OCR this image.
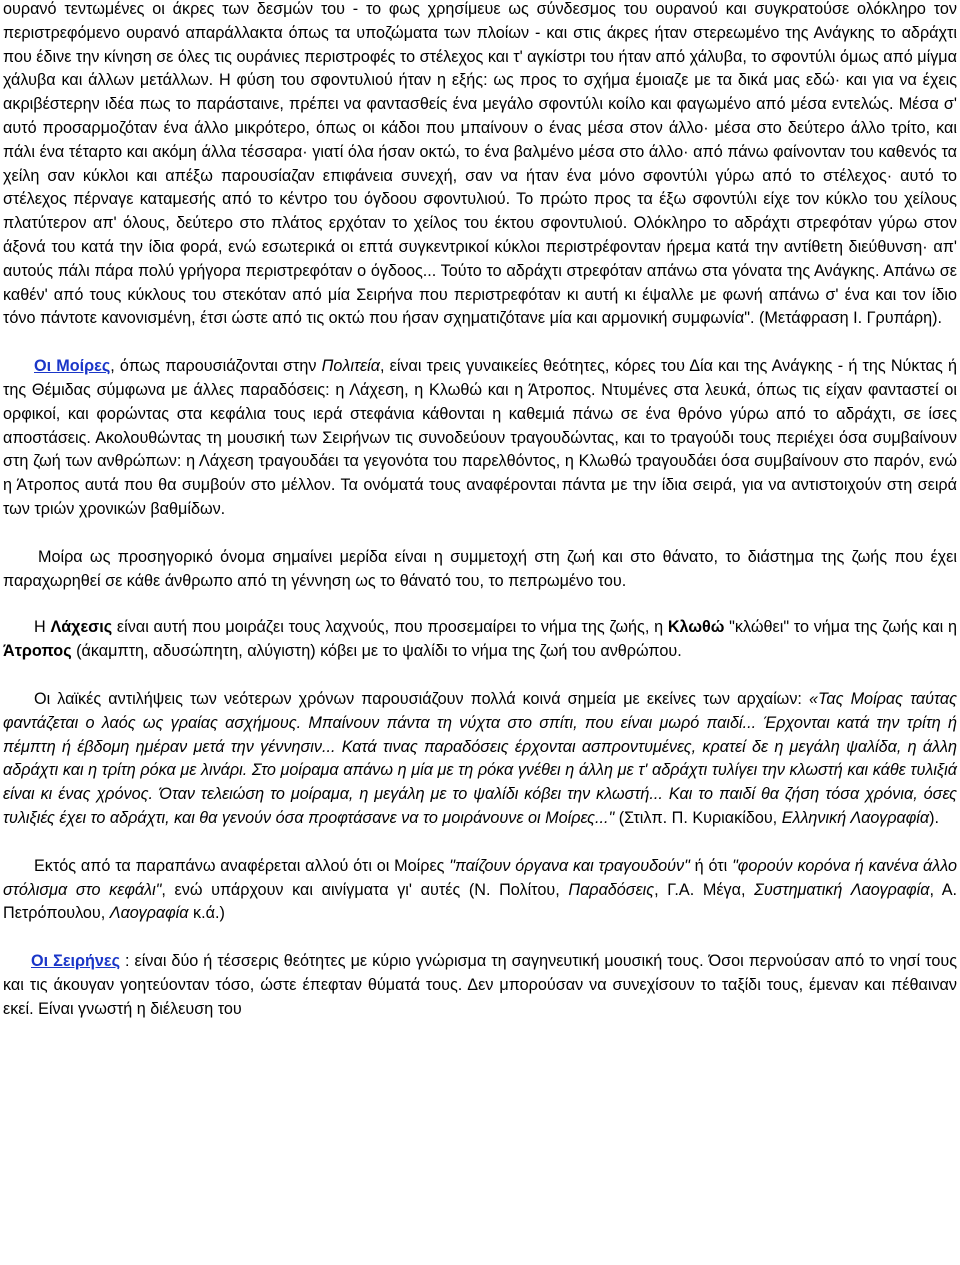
ουρανό τεντωμένες οι άκρες των δεσμών του - το φως χρησίμευε ως σύνδεσμος του ουρανού και συγκρατούσε ολόκληρο τον περιστρεφόμενο ουρανό απαράλλακτα όπως τα υποζώματα των πλοίων - και στις άκρες ήταν στερεωμένο της Ανάγκης το αδράχτι που έδινε την κίνηση σε όλες τις ουράνιες περιστροφές το στέλεχος και τ' αγκίστρι του ήταν από χάλυβα, το σφοντύλι όμως από μίγμα χάλυβα και άλλων μετάλλων. Η φύση του σφοντυλιού ήταν η εξής: ως προς το σχήμα έμοιαζε με τα δικά μας εδώ· και για να έχεις ακριβέστερην ιδέα πως το παράσταινε, πρέπει να φαντασθείς ένα μεγάλο σφοντύλι κοίλο και φαγωμένο από μέσα εντελώς. Μέσα σ' αυτό προσαρμοζόταν ένα άλλο μικρότερο, όπως οι κάδοι που μπαίνουν ο ένας μέσα στον άλλο· μέσα στο δεύτερο άλλο τρίτο, και πάλι ένα τέταρτο και ακόμη άλλα τέσσαρα· γιατί όλα ήσαν οκτώ, το ένα βαλμένο μέσα στο άλλο· από πάνω φαίνονταν του καθενός τα χείλη σαν κύκλοι και απέξω παρουσίαζαν επιφάνεια συνεχή, σαν να ήταν ένα μόνο σφοντύλι γύρω από το στέλεχος· αυτό το στέλεχος πέρναγε καταμεσής από το κέντρο του όγδοου σφοντυλιού. Το πρώτο προς τα έξω σφοντύλι είχε τον κύκλο του χείλους πλατύτερον απ' όλους, δεύτερο στο πλάτος ερχόταν το χείλος του έκτου σφοντυλιού. Ολόκληρο το αδράχτι στρεφόταν γύρω στον άξονά του κατά την ίδια φορά, ενώ εσωτερικά οι επτά συγκεντρικοί κύκλοι περιστρέφονταν ήρεμα κατά την αντίθετη διεύθυνση· απ' αυτούς πάλι πάρα πολύ γρήγορα περιστρεφόταν ο όγδοος... Τούτο το αδράχτι στρεφόταν απάνω στα γόνατα της Ανάγκης. Απάνω σε καθέν' από τους κύκλους του στεκόταν από μία Σειρήνα που περιστρεφόταν κι αυτή κι έψαλλε με φωνή απάνω σ' ένα και τον ίδιο τόνο πάντοτε κανονισμένη, έτσι ώστε από τις οκτώ που ήσαν σχηματιζότανε μία και αρμονική συμφωνία". (Μετάφραση Ι. Γρυπάρη).

Οι Μοίρες, όπως παρουσιάζονται στην Πολιτεία, είναι τρεις γυναικείες θεότητες, κόρες του Δία και της Ανάγκης - ή της Νύκτας ή της Θέμιδας σύμφωνα με άλλες παραδόσεις: η Λάχεση, η Κλωθώ και η Άτροπος. Ντυμένες στα λευκά, όπως τις είχαν φανταστεί οι ορφικοί, και φορώντας στα κεφάλια τους ιερά στεφάνια κάθονται η καθεμιά πάνω σε ένα θρόνο γύρω από το αδράχτι, σε ίσες αποστάσεις. Ακολουθώντας τη μουσική των Σειρήνων τις συνοδεύουν τραγουδώντας, και το τραγούδι τους περιέχει όσα συμβαίνουν στη ζωή των ανθρώπων: η Λάχεση τραγουδάει τα γεγονότα του παρελθόντος, η Κλωθώ τραγουδάει όσα συμβαίνουν στο παρόν, ενώ η Άτροπος αυτά που θα συμβούν στο μέλλον. Τα ονόματά τους αναφέρονται πάντα με την ίδια σειρά, για να αντιστοιχούν στη σειρά των τριών χρονικών βαθμίδων.

Μοίρα ως προσηγορικό όνομα σημαίνει μερίδα είναι η συμμετοχή στη ζωή και στο θάνατο, το διάστημα της ζωής που έχει παραχωρηθεί σε κάθε άνθρωπο από τη γέννηση ως το θάνατό του, το πεπρωμένο του.

Η Λάχεσις είναι αυτή που μοιράζει τους λαχνούς, που προσεμαίρει το νήμα της ζωής, η Κλωθώ "κλώθει" το νήμα της ζωής και η Άτροπος (άκαμπτη, αδυσώπητη, αλύγιστη) κόβει με το ψαλίδι το νήμα της ζωή του ανθρώπου.

Οι λαϊκές αντιλήψεις των νεότερων χρόνων παρουσιάζουν πολλά κοινά σημεία με εκείνες των αρχαίων: «Τας Μοίρας ταύτας φαντάζεται ο λαός ως γραίας ασχήμους. Μπαίνουν πάντα τη νύχτα στο σπίτι, που είναι μωρό παιδί... Έρχονται κατά την τρίτη ή πέμπτη ή έβδομη ημέραν μετά την γέννησιν... Κατά τινας παραδόσεις έρχονται ασπροντυμένες, κρατεί δε η μεγάλη ψαλίδα, η άλλη αδράχτι και η τρίτη ρόκα με λινάρι. Στο μοίραμα απάνω η μία με τη ρόκα γνέθει η άλλη με τ' αδράχτι τυλίγει την κλωστή και κάθε τυλιξιά είναι κι ένας χρόνος. Όταν τελειώση το μοίραμα, η μεγάλη με το ψαλίδι κόβει την κλωστή... Και το παιδί θα ζήση τόσα χρόνια, όσες τυλιξιές έχει το αδράχτι, και θα γενούν όσα προφτάσανε να το μοιράνουνε οι Μοίρες..." (Στιλπ. Π. Κυριακίδου, Ελληνική Λαογραφία).

Εκτός από τα παραπάνω αναφέρεται αλλού ότι οι Μοίρες "παίζουν όργανα και τραγουδούν" ή ότι "φορούν κορόνα ή κανένα άλλο στόλισμα στο κεφάλι", ενώ υπάρχουν και αινίγματα γι' αυτές (Ν. Πολίτου, Παραδόσεις, Γ.Α. Μέγα, Συστηματική Λαογραφία, Α. Πετρόπουλου, Λαογραφία κ.ά.)

Οι Σειρήνες : είναι δύο ή τέσσερις θεότητες με κύριο γνώρισμα τη σαγηνευτική μουσική τους. Όσοι περνούσαν από το νησί τους και τις άκουγαν γοητεύονταν τόσο, ώστε έπεφταν θύματά τους. Δεν μπορούσαν να συνεχίσουν το ταξίδι τους, έμεναν και πέθαιναν εκεί. Είναι γνωστή η διέλευση του
